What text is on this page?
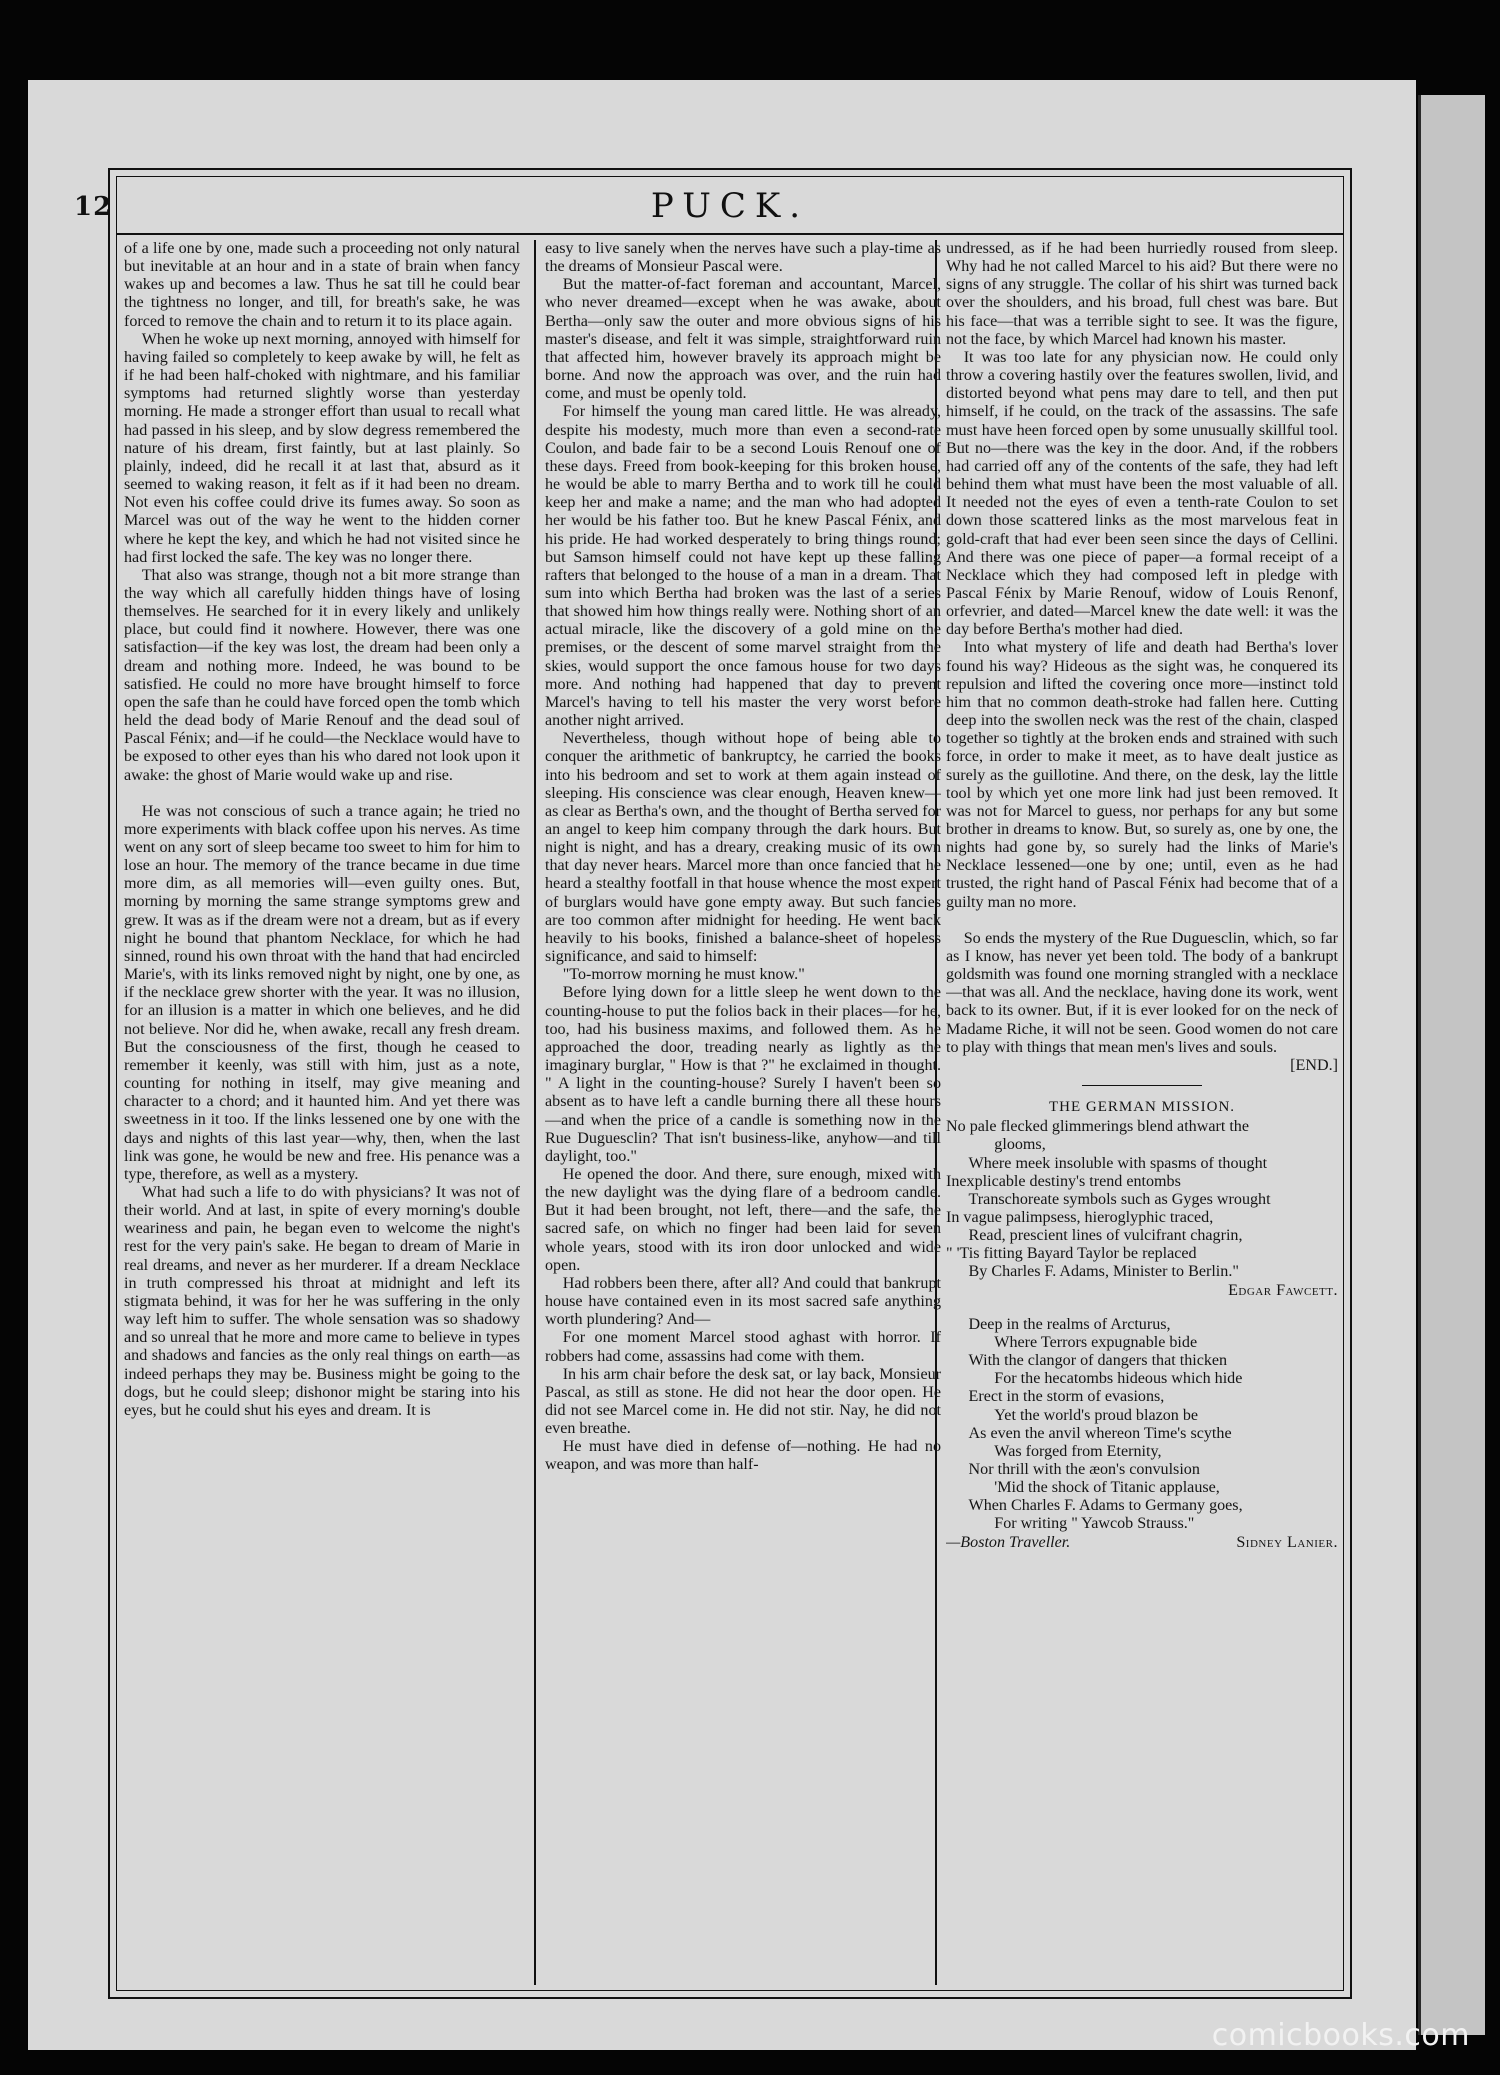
12	PUCK.

of a life one by one, made such a proceeding not only natural but inevitable at an hour and in a state of brain when fancy wakes up and becomes a law. Thus he sat till he could bear the tightness no longer, and till, for breath's sake, he was forced to remove the chain and to return it to its place again.

When he woke up next morning, annoyed with himself for having failed so completely to keep awake by will, he felt as if he had been half-choked with nightmare, and his familiar symptoms had returned slightly worse than yesterday morning. He made a stronger effort than usual to recall what had passed in his sleep, and by slow degress remembered the nature of his dream, first faintly, but at last plainly. So plainly, indeed, did he recall it at last that, absurd as it seemed to waking reason, it felt as if it had been no dream. Not even his coffee could drive its fumes away. So soon as Marcel was out of the way he went to the hidden corner where he kept the key, and which he had not visited since he had first locked the safe. The key was no longer there.

That also was strange, though not a bit more strange than the way which all carefully hidden things have of losing themselves. He searched for it in every likely and unlikely place, but could find it nowhere. However, there was one satisfaction—if the key was lost, the dream had been only a dream and nothing more. Indeed, he was bound to be satisfied. He could no more have brought himself to force open the safe than he could have forced open the tomb which held the dead body of Marie Renouf and the dead soul of Pascal Fénix; and—if he could—the Necklace would have to be exposed to other eyes than his who dared not look upon it awake: the ghost of Marie would wake up and rise.

He was not conscious of such a trance again; he tried no more experiments with black coffee upon his nerves. As time went on any sort of sleep became too sweet to him for him to lose an hour. The memory of the trance became in due time more dim, as all memories will—even guilty ones. But, morning by morning the same strange symptoms grew and grew. It was as if the dream were not a dream, but as if every night he bound that phantom Necklace, for which he had sinned, round his own throat with the hand that had encircled Marie's, with its links removed night by night, one by one, as if the necklace grew shorter with the year. It was no illusion, for an illusion is a matter in which one believes, and he did not believe. Nor did he, when awake, recall any fresh dream. But the consciousness of the first, though he ceased to remember it keenly, was still with him, just as a note, counting for nothing in itself, may give meaning and character to a chord; and it haunted him. And yet there was sweetness in it too. If the links lessened one by one with the days and nights of this last year—why, then, when the last link was gone, he would be new and free. His penance was a type, therefore, as well as a mystery.

What had such a life to do with physicians? It was not of their world. And at last, in spite of every morning's double weariness and pain, he began even to welcome the night's rest for the very pain's sake. He began to dream of Marie in real dreams, and never as her murderer. If a dream Necklace in truth compressed his throat at midnight and left its stigmata behind, it was for her he was suffering in the only way left him to suffer. The whole sensation was so shadowy and so unreal that he more and more came to believe in types and shadows and fancies as the only real things on earth—as indeed perhaps they may be. Business might be going to the dogs, but he could sleep; dishonor might be staring into his eyes, but he could shut his eyes and dream. It is

easy to live sanely when the nerves have such a play-time as the dreams of Monsieur Pascal were.

But the matter-of-fact foreman and accountant, Marcel, who never dreamed—except when he was awake, about Bertha—only saw the outer and more obvious signs of his master's disease, and felt it was simple, straightforward ruin that affected him, however bravely its approach might be borne. And now the approach was over, and the ruin had come, and must be openly told.

For himself the young man cared little. He was already, despite his modesty, much more than even a second-rate Coulon, and bade fair to be a second Louis Renouf one of these days. Freed from book-keeping for this broken house, he would be able to marry Bertha and to work till he could keep her and make a name; and the man who had adopted her would be his father too. But he knew Pascal Fénix, and his pride. He had worked desperately to bring things round; but Samson himself could not have kept up these falling rafters that belonged to the house of a man in a dream. That sum into which Bertha had broken was the last of a series that showed him how things really were. Nothing short of an actual miracle, like the discovery of a gold mine on the premises, or the descent of some marvel straight from the skies, would support the once famous house for two days more. And nothing had happened that day to prevent Marcel's having to tell his master the very worst before another night arrived.

Nevertheless, though without hope of being able to conquer the arithmetic of bankruptcy, he carried the books into his bedroom and set to work at them again instead of sleeping. His conscience was clear enough, Heaven knew—as clear as Bertha's own, and the thought of Bertha served for an angel to keep him company through the dark hours. But night is night, and has a dreary, creaking music of its own that day never hears. Marcel more than once fancied that he heard a stealthy footfall in that house whence the most expert of burglars would have gone empty away. But such fancies are too common after midnight for heeding. He went back heavily to his books, finished a balance-sheet of hopeless significance, and said to himself:

"To-morrow morning he must know."

Before lying down for a little sleep he went down to the counting-house to put the folios back in their places—for he, too, had his business maxims, and followed them. As he approached the door, treading nearly as lightly as the imaginary burglar, " How is that ?" he exclaimed in thought. " A light in the counting-house? Surely I haven't been so absent as to have left a candle burning there all these hours —and when the price of a candle is something now in the Rue Duguesclin? That isn't business-like, anyhow—and till daylight, too."

He opened the door. And there, sure enough, mixed with the new daylight was the dying flare of a bedroom candle. But it had been brought, not left, there—and the safe, the sacred safe, on which no finger had been laid for seven whole years, stood with its iron door unlocked and wide open.

Had robbers been there, after all? And could that bankrupt house have contained even in its most sacred safe anything worth plundering? And—

For one moment Marcel stood aghast with horror. If robbers had come, assassins had come with them.

In his arm chair before the desk sat, or lay back, Monsieur Pascal, as still as stone. He did not hear the door open. He did not see Marcel come in. He did not stir. Nay, he did not even breathe.

He must have died in defense of—nothing. He had no weapon, and was more than half-

undressed, as if he had been hurriedly roused from sleep. Why had he not called Marcel to his aid? But there were no signs of any struggle. The collar of his shirt was turned back over the shoulders, and his broad, full chest was bare. But his face—that was a terrible sight to see. It was the figure, not the face, by which Marcel had known his master.

It was too late for any physician now. He could only throw a covering hastily over the features swollen, livid, and distorted beyond what pens may dare to tell, and then put himself, if he could, on the track of the assassins. The safe must have heen forced open by some unusually skillful tool. But no—there was the key in the door. And, if the robbers had carried off any of the contents of the safe, they had left behind them what must have been the most valuable of all. It needed not the eyes of even a tenth-rate Coulon to set down those scattered links as the most marvelous feat in gold-craft that had ever been seen since the days of Cellini. And there was one piece of paper—a formal receipt of a Necklace which they had composed left in pledge with Pascal Fénix by Marie Renouf, widow of Louis Renonf, orfevrier, and dated—Marcel knew the date well: it was the day before Bertha's mother had died.

Into what mystery of life and death had Bertha's lover found his way? Hideous as the sight was, he conquered its repulsion and lifted the covering once more—instinct told him that no common death-stroke had fallen here. Cutting deep into the swollen neck was the rest of the chain, clasped together so tightly at the broken ends and strained with such force, in order to make it meet, as to have dealt justice as surely as the guillotine. And there, on the desk, lay the little tool by which yet one more link had just been removed. It was not for Marcel to guess, nor perhaps for any but some brother in dreams to know. But, so surely as, one by one, the nights had gone by, so surely had the links of Marie's Necklace lessened—one by one; until, even as he had trusted, the right hand of Pascal Fénix had become that of a guilty man no more.

So ends the mystery of the Rue Duguesclin, which, so far as I know, has never yet been told. The body of a bankrupt goldsmith was found one morning strangled with a necklace—that was all. And the necklace, having done its work, went back to its owner. But, if it is ever looked for on the neck of Madame Riche, it will not be seen. Good women do not care to play with things that mean men's lives and souls.

[END.]

THE GERMAN MISSION.
No pale flecked glimmerings blend athwart the
glooms,
Where meek insoluble with spasms of thought
Inexplicable destiny's trend entombs
Transchoreate symbols such as Gyges wrought
In vague palimpsess, hieroglyphic traced,
Read, prescient lines of vulcifrant chagrin,
" 'Tis fitting Bayard Taylor be replaced
By Charles F. Adams, Minister to Berlin."
Edgar Fawcett.
Deep in the realms of Arcturus,
Where Terrors expugnable bide
With the clangor of dangers that thicken
For the hecatombs hideous which hide
Erect in the storm of evasions,
Yet the world's proud blazon be
As even the anvil whereon Time's scythe
Was forged from Eternity,
Nor thrill with the æon's convulsion
'Mid the shock of Titanic applause,
When Charles F. Adams to Germany goes,
For writing " Yawcob Strauss."
—Boston Traveller.	Sidney Lanier.
comicbooks.com
